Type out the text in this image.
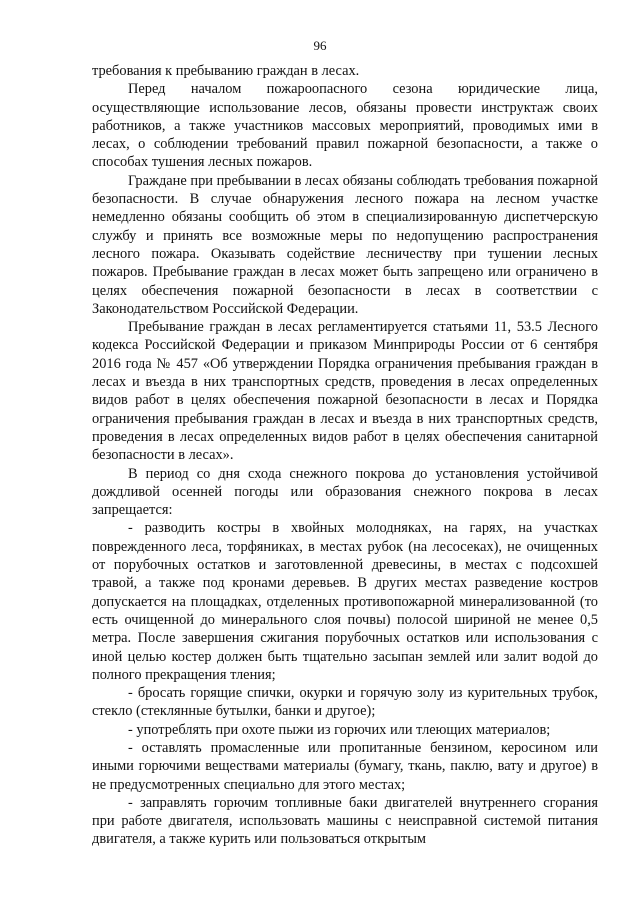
96

требования к пребыванию граждан в лесах.

Перед началом пожароопасного сезона юридические лица, осуществляющие использование лесов, обязаны провести инструктаж своих работников, а также участников массовых мероприятий, проводимых ими в лесах, о соблюдении требований правил пожарной безопасности, а также о способах тушения лесных пожаров.

Граждане при пребывании в лесах обязаны соблюдать требования пожарной безопасности. В случае обнаружения лесного пожара на лесном участке немедленно обязаны сообщить об этом в специализированную диспетчерскую службу и принять все возможные меры по недопущению распространения лесного пожара. Оказывать содействие лесничеству при тушении лесных пожаров. Пребывание граждан в лесах может быть запрещено или ограничено в целях обеспечения пожарной безопасности в лесах в соответствии с Законодательством Российской Федерации.

Пребывание граждан в лесах регламентируется статьями 11, 53.5 Лесного кодекса Российской Федерации и приказом Минприроды России от 6 сентября 2016 года № 457 «Об утверждении Порядка ограничения пребывания граждан в лесах и въезда в них транспортных средств, проведения в лесах определенных видов работ в целях обеспечения пожарной безопасности в лесах и Порядка ограничения пребывания граждан в лесах и въезда в них транспортных средств, проведения в лесах определенных видов работ в целях обеспечения санитарной безопасности в лесах».

В период со дня схода снежного покрова до установления устойчивой дождливой осенней погоды или образования снежного покрова в лесах запрещается:

- разводить костры в хвойных молодняках, на гарях, на участках поврежденного леса, торфяниках, в местах рубок (на лесосеках), не очищенных от порубочных остатков и заготовленной древесины, в местах с подсохшей травой, а также под кронами деревьев. В других местах разведение костров допускается на площадках, отделенных противопожарной минерализованной (то есть очищенной до минерального слоя почвы) полосой шириной не менее 0,5 метра. После завершения сжигания порубочных остатков или использования с иной целью костер должен быть тщательно засыпан землей или залит водой до полного прекращения тления;

- бросать горящие спички, окурки и горячую золу из курительных трубок, стекло (стеклянные бутылки, банки и другое);

- употреблять при охоте пыжи из горючих или тлеющих материалов;

- оставлять промасленные или пропитанные бензином, керосином или иными горючими веществами материалы (бумагу, ткань, паклю, вату и другое) в не предусмотренных специально для этого местах;

- заправлять горючим топливные баки двигателей внутреннего сгорания при работе двигателя, использовать машины с неисправной системой питания двигателя, а также курить или пользоваться открытым
